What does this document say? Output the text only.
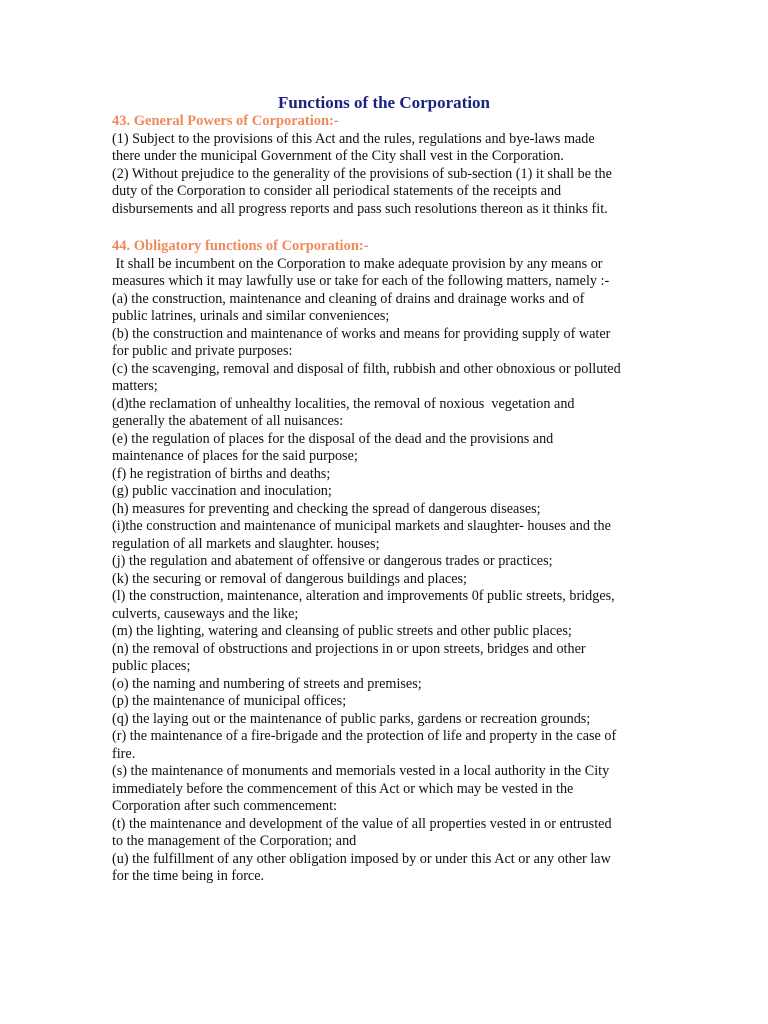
Functions of the Corporation
43. General Powers of Corporation:-
(1) Subject to the provisions of this Act and the rules, regulations and bye-laws made
there under the municipal Government of the City shall vest in the Corporation.
(2) Without prejudice to the generality of the provisions of sub-section (1) it shall be the
duty of the Corporation to consider all periodical statements of the receipts and
disbursements and all progress reports and pass such resolutions thereon as it thinks fit.
44. Obligatory functions of Corporation:-
It shall be incumbent on the Corporation to make adequate provision by any means or
measures which it may lawfully use or take for each of the following matters, namely :-
(a) the construction, maintenance and cleaning of drains and drainage works and of
public latrines, urinals and similar conveniences;
(b) the construction and maintenance of works and means for providing supply of water
for public and private purposes:
(c) the scavenging, removal and disposal of filth, rubbish and other obnoxious or polluted
matters;
(d)the reclamation of unhealthy localities, the removal of noxious  vegetation and
generally the abatement of all nuisances:
(e) the regulation of places for the disposal of the dead and the provisions and
maintenance of places for the said purpose;
(f) he registration of births and deaths;
(g) public vaccination and inoculation;
(h) measures for preventing and checking the spread of dangerous diseases;
(i)the construction and maintenance of municipal markets and slaughter- houses and the
regulation of all markets and slaughter. houses;
(j) the regulation and abatement of offensive or dangerous trades or practices;
(k) the securing or removal of dangerous buildings and places;
(l) the construction, maintenance, alteration and improvements 0f public streets, bridges,
culverts, causeways and the like;
(m) the lighting, watering and cleansing of public streets and other public places;
(n) the removal of obstructions and projections in or upon streets, bridges and other
public places;
(o) the naming and numbering of streets and premises;
(p) the maintenance of municipal offices;
(q) the laying out or the maintenance of public parks, gardens or recreation grounds;
(r) the maintenance of a fire-brigade and the protection of life and property in the case of
fire.
(s) the maintenance of monuments and memorials vested in a local authority in the City
immediately before the commencement of this Act or which may be vested in the
Corporation after such commencement:
(t) the maintenance and development of the value of all properties vested in or entrusted
to the management of the Corporation; and
(u) the fulfillment of any other obligation imposed by or under this Act or any other law
for the time being in force.
